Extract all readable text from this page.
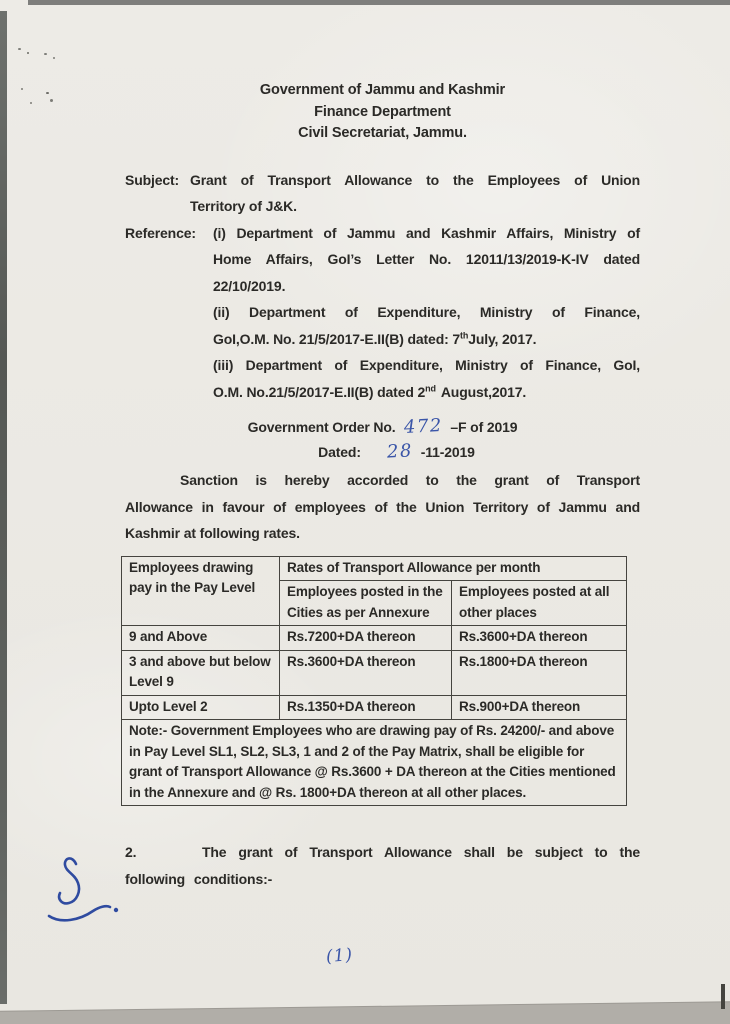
Government of Jammu and Kashmir
Finance Department
Civil Secretariat, Jammu.
Subject: Grant of Transport Allowance to the Employees of Union
Territory of J&K.
Reference:	(i) Department of Jammu and Kashmir Affairs, Ministry of
Home Affairs, GoI’s Letter No. 12011/13/2019-K-IV dated
22/10/2019.
(ii) Department of Expenditure, Ministry of Finance,
GoI,O.M. No. 21/5/2017-E.II(B) dated: 7thJuly, 2017.
(iii) Department of Expenditure, Ministry of Finance, GoI,
O.M. No.21/5/2017-E.II(B) dated 2nd August,2017.
Government Order No. 472 –F of 2019
Dated: 28 -11-2019
Sanction is hereby accorded to the grant of Transport
Allowance in favour of employees of the Union Territory of Jammu and
Kashmir at following rates.
Employees drawing pay in the Pay Level	Rates of Transport Allowance per month	
	Employees posted in the Cities as per Annexure	Employees posted at all other places
9 and Above	Rs.7200+DA thereon	Rs.3600+DA thereon
3 and above but below Level 9	Rs.3600+DA thereon	Rs.1800+DA thereon
Upto Level 2	Rs.1350+DA thereon	Rs.900+DA thereon
Note:- Government Employees who are drawing pay of Rs. 24200/- and above in Pay Level SL1, SL2, SL3, 1 and 2 of the Pay Matrix, shall be eligible for grant of Transport Allowance @ Rs.3600 + DA thereon at the Cities mentioned in the Annexure and @ Rs. 1800+DA thereon at all other places.		
2.	The grant of Transport Allowance shall be subject to the
following conditions:-
(1)
